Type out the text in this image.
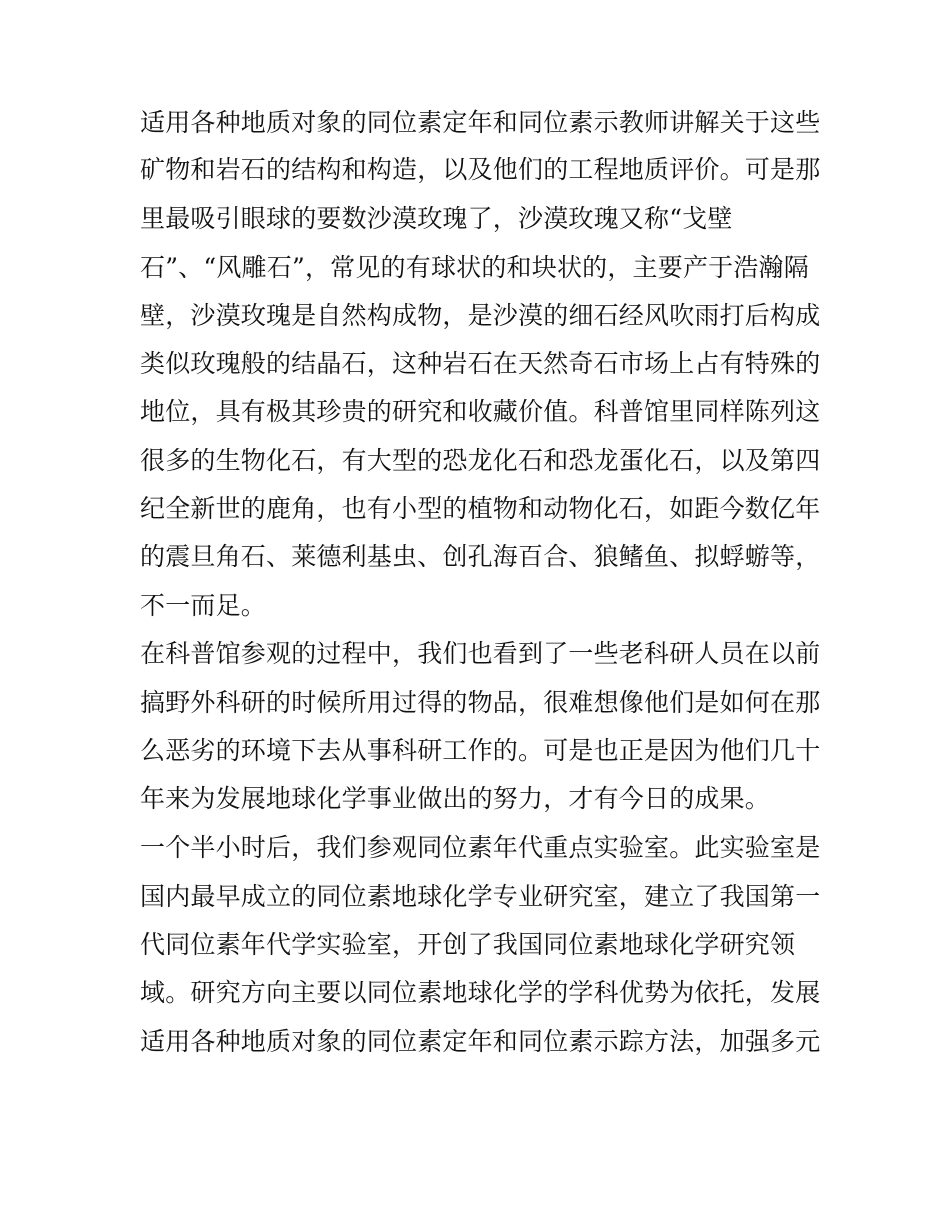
适用各种地质对象的同位素定年和同位素示教师讲解关于这些
矿物和岩石的结构和构造，以及他们的工程地质评价。可是那
里最吸引眼球的要数沙漠玫瑰了，沙漠玫瑰又称“戈壁
石”、“风雕石”，常见的有球状的和块状的，主要产于浩瀚隔
壁，沙漠玫瑰是自然构成物，是沙漠的细石经风吹雨打后构成
类似玫瑰般的结晶石，这种岩石在天然奇石市场上占有特殊的
地位，具有极其珍贵的研究和收藏价值。科普馆里同样陈列这
很多的生物化石，有大型的恐龙化石和恐龙蛋化石，以及第四
纪全新世的鹿角，也有小型的植物和动物化石，如距今数亿年
的震旦角石、莱德利基虫、创孔海百合、狼鳍鱼、拟蜉蝣等，
不一而足。
在科普馆参观的过程中，我们也看到了一些老科研人员在以前
搞野外科研的时候所用过得的物品，很难想像他们是如何在那
么恶劣的环境下去从事科研工作的。可是也正是因为他们几十
年来为发展地球化学事业做出的努力，才有今日的成果。
一个半小时后，我们参观同位素年代重点实验室。此实验室是
国内最早成立的同位素地球化学专业研究室，建立了我国第一
代同位素年代学实验室，开创了我国同位素地球化学研究领
域。研究方向主要以同位素地球化学的学科优势为依托，发展
适用各种地质对象的同位素定年和同位素示踪方法，加强多元
